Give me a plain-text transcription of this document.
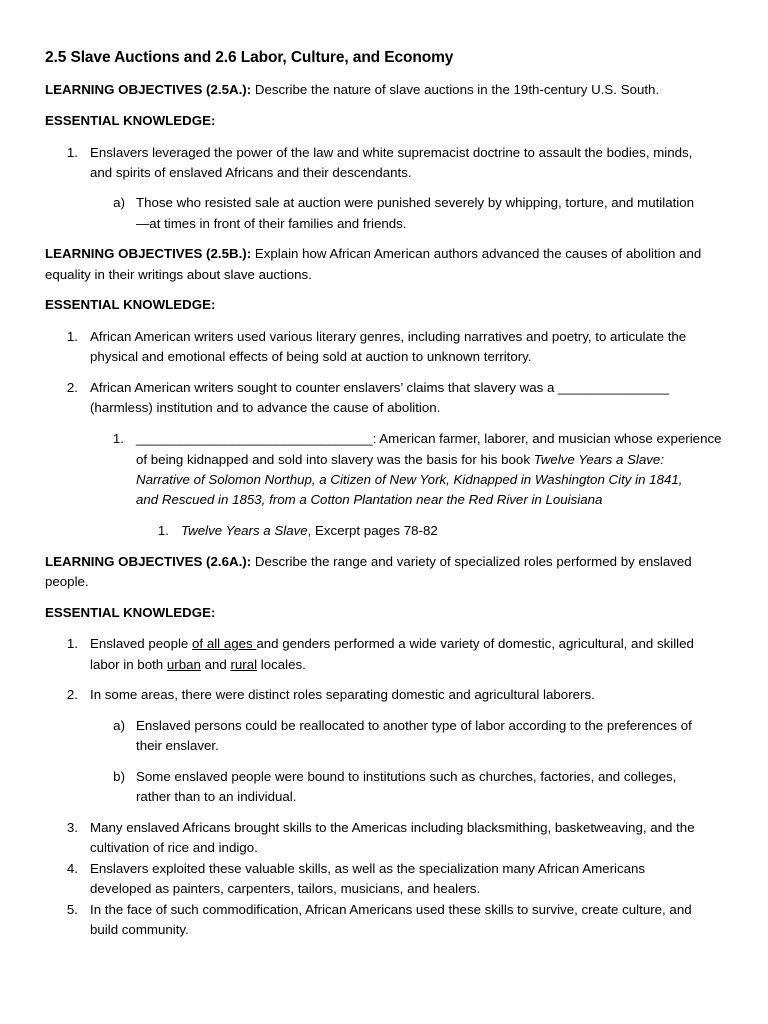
2.5 Slave Auctions and 2.6 Labor, Culture, and Economy
LEARNING OBJECTIVES (2.5A.): Describe the nature of slave auctions in the 19th-century U.S. South.
ESSENTIAL KNOWLEDGE:
1. Enslavers leveraged the power of the law and white supremacist doctrine to assault the bodies, minds,
and spirits of enslaved Africans and their descendants.
a) Those who resisted sale at auction were punished severely by whipping, torture, and mutilation
—at times in front of their families and friends.
LEARNING OBJECTIVES (2.5B.): Explain how African American authors advanced the causes of abolition and
equality in their writings about slave auctions.
ESSENTIAL KNOWLEDGE:
1. African American writers used various literary genres, including narratives and poetry, to articulate the
physical and emotional effects of being sold at auction to unknown territory.
2. African American writers sought to counter enslavers’ claims that slavery was a _______________
(harmless) institution and to advance the cause of abolition.
1. ________________________________: American farmer, laborer, and musician whose experience
of being kidnapped and sold into slavery was the basis for his book Twelve Years a Slave:
Narrative of Solomon Northup, a Citizen of New York, Kidnapped in Washington City in 1841,
and Rescued in 1853, from a Cotton Plantation near the Red River in Louisiana
1. Twelve Years a Slave, Excerpt pages 78-82
LEARNING OBJECTIVES (2.6A.): Describe the range and variety of specialized roles performed by enslaved
people.
ESSENTIAL KNOWLEDGE:
1. Enslaved people of all ages and genders performed a wide variety of domestic, agricultural, and skilled
labor in both urban and rural locales.
2. In some areas, there were distinct roles separating domestic and agricultural laborers.
a) Enslaved persons could be reallocated to another type of labor according to the preferences of
their enslaver.
b) Some enslaved people were bound to institutions such as churches, factories, and colleges,
rather than to an individual.
3. Many enslaved Africans brought skills to the Americas including blacksmithing, basketweaving, and the
cultivation of rice and indigo.
4. Enslavers exploited these valuable skills, as well as the specialization many African Americans
developed as painters, carpenters, tailors, musicians, and healers.
5. In the face of such commodification, African Americans used these skills to survive, create culture, and
build community.
